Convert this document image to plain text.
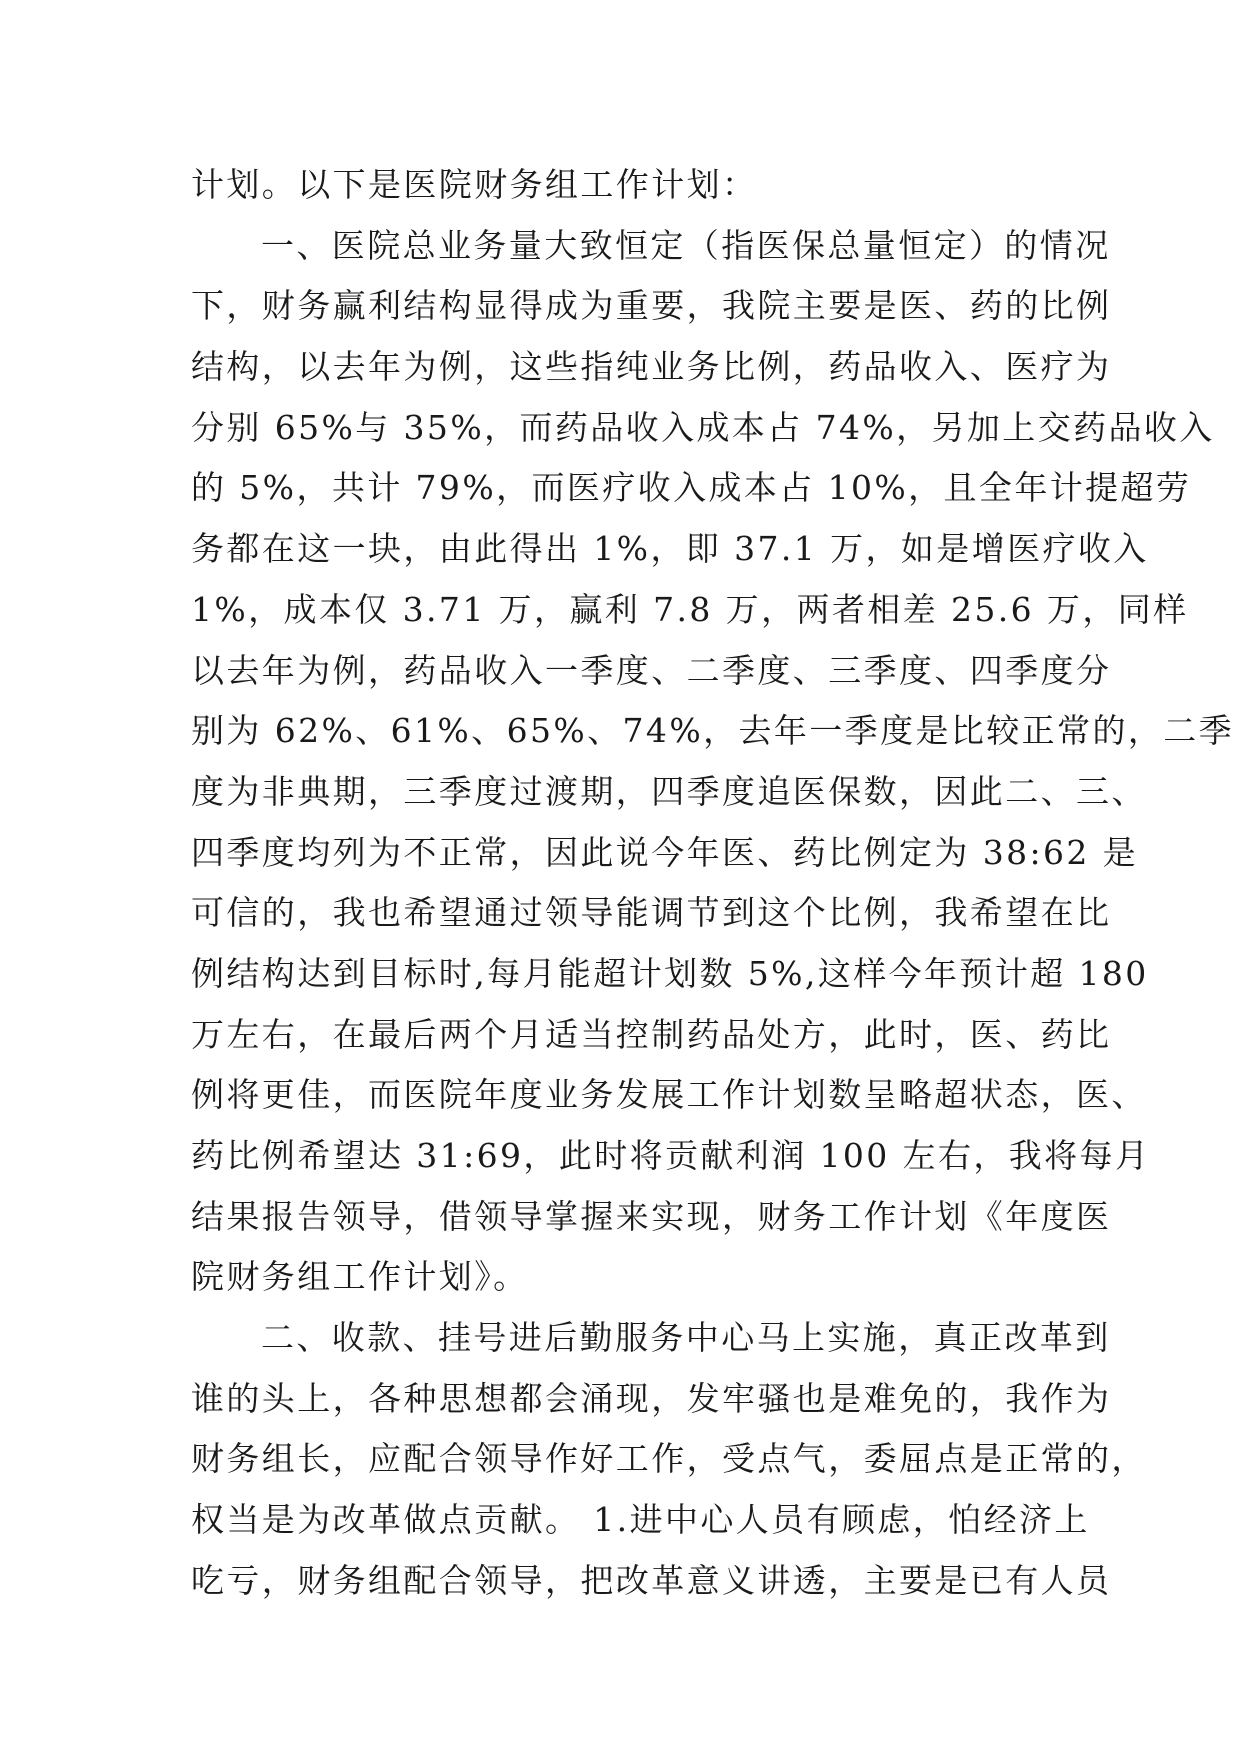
计划。以下是医院财务组工作计划：
一、医院总业务量大致恒定（指医保总量恒定）的情况
下，财务赢利结构显得成为重要，我院主要是医、药的比例
结构，以去年为例，这些指纯业务比例，药品收入、医疗为
分别 65%与 35%，而药品收入成本占 74%，另加上交药品收入
的 5%，共计 79%，而医疗收入成本占 10%，且全年计提超劳
务都在这一块，由此得出 1%，即 37.1 万，如是增医疗收入
1%，成本仅 3.71 万，赢利 7.8 万，两者相差 25.6 万，同样
以去年为例，药品收入一季度、二季度、三季度、四季度分
别为 62%、61%、65%、74%，去年一季度是比较正常的，二季
度为非典期，三季度过渡期，四季度追医保数，因此二、三、
四季度均列为不正常，因此说今年医、药比例定为 38:62 是
可信的，我也希望通过领导能调节到这个比例，我希望在比
例结构达到目标时,每月能超计划数 5%,这样今年预计超 180
万左右，在最后两个月适当控制药品处方，此时，医、药比
例将更佳，而医院年度业务发展工作计划数呈略超状态，医、
药比例希望达 31:69，此时将贡献利润 100 左右，我将每月
结果报告领导，借领导掌握来实现，财务工作计划《年度医
院财务组工作计划》。
二、收款、挂号进后勤服务中心马上实施，真正改革到
谁的头上，各种思想都会涌现，发牢骚也是难免的，我作为
财务组长，应配合领导作好工作，受点气，委屈点是正常的，
权当是为改革做点贡献。 1.进中心人员有顾虑，怕经济上
吃亏，财务组配合领导，把改革意义讲透，主要是已有人员
